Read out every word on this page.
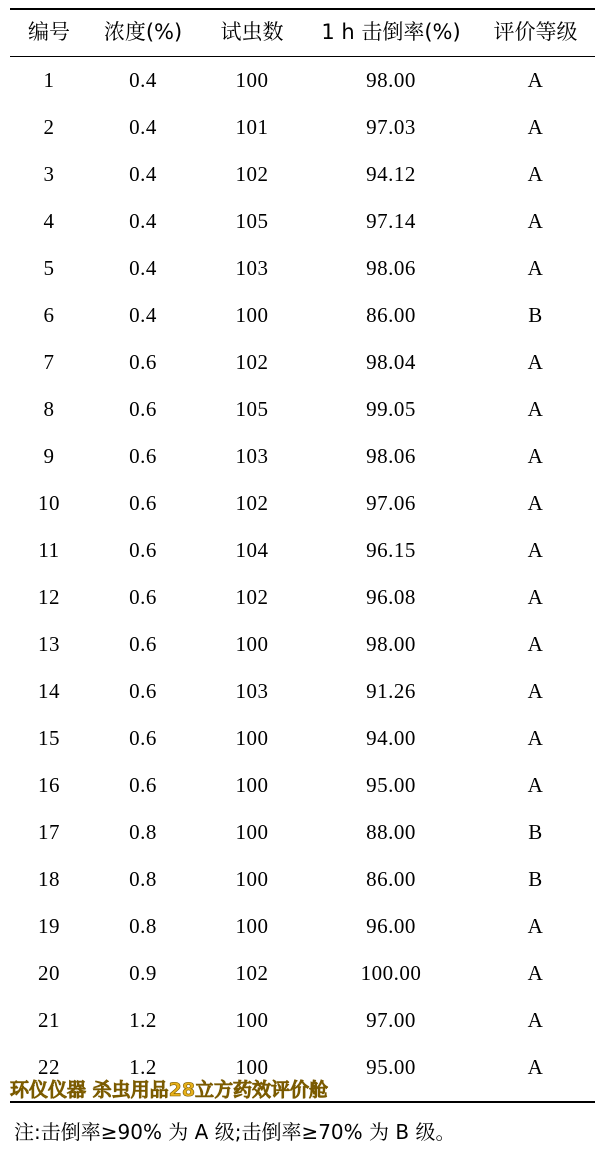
编号	浓度(%)	试虫数	1 h 击倒率(%)	评价等级
1	0.4	100	98.00	A
2	0.4	101	97.03	A
3	0.4	102	94.12	A
4	0.4	105	97.14	A
5	0.4	103	98.06	A
6	0.4	100	86.00	B
7	0.6	102	98.04	A
8	0.6	105	99.05	A
9	0.6	103	98.06	A
10	0.6	102	97.06	A
11	0.6	104	96.15	A
12	0.6	102	96.08	A
13	0.6	100	98.00	A
14	0.6	103	91.26	A
15	0.6	100	94.00	A
16	0.6	100	95.00	A
17	0.8	100	88.00	B
18	0.8	100	86.00	B
19	0.8	100	96.00	A
20	0.9	102	100.00	A
21	1.2	100	97.00	A
22	1.2	100	95.00	A
环仪仪器 杀虫用品28立方药效评价舱
注:击倒率≥90% 为 A 级;击倒率≥70% 为 B 级。
